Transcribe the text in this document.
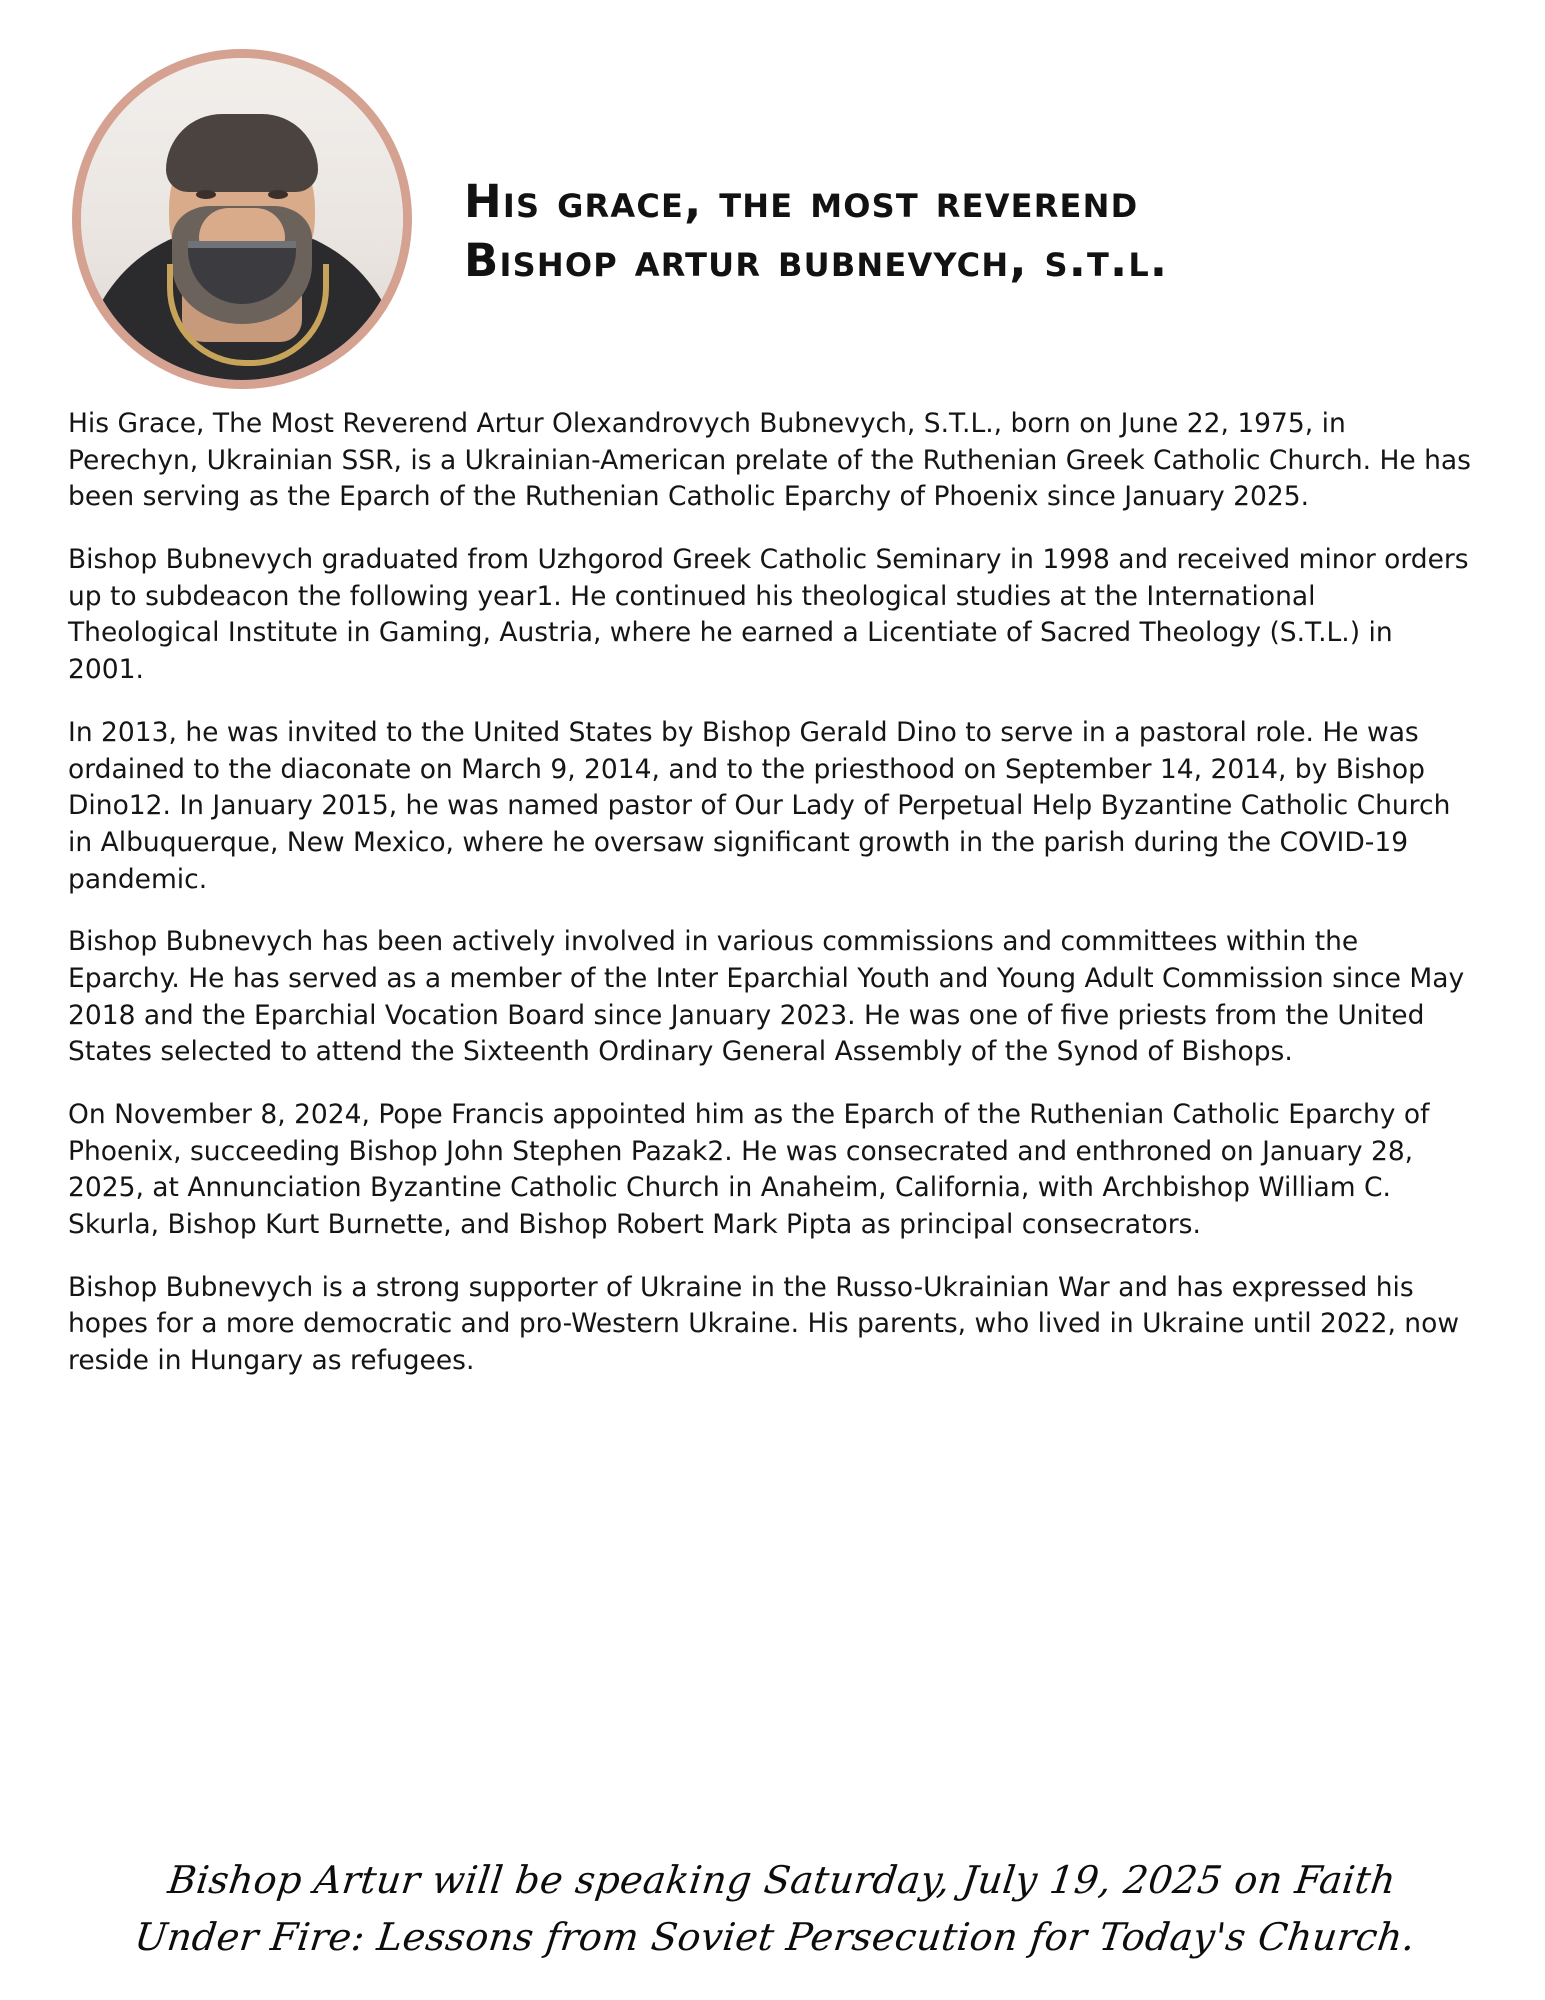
His grace, the most reverend
Bishop artur bubnevych, s.t.l.

His Grace, The Most Reverend Artur Olexandrovych Bubnevych, S.T.L., born on June 22, 1975, in Perechyn, Ukrainian SSR, is a Ukrainian-American prelate of the Ruthenian Greek Catholic Church. He has been serving as the Eparch of the Ruthenian Catholic Eparchy of Phoenix since January 2025.

Bishop Bubnevych graduated from Uzhgorod Greek Catholic Seminary in 1998 and received minor orders up to subdeacon the following year1. He continued his theological studies at the International Theological Institute in Gaming, Austria, where he earned a Licentiate of Sacred Theology (S.T.L.) in 2001.

In 2013, he was invited to the United States by Bishop Gerald Dino to serve in a pastoral role. He was ordained to the diaconate on March 9, 2014, and to the priesthood on September 14, 2014, by Bishop Dino12. In January 2015, he was named pastor of Our Lady of Perpetual Help Byzantine Catholic Church in Albuquerque, New Mexico, where he oversaw significant growth in the parish during the COVID-19 pandemic.

Bishop Bubnevych has been actively involved in various commissions and committees within the Eparchy. He has served as a member of the Inter Eparchial Youth and Young Adult Commission since May 2018 and the Eparchial Vocation Board since January 2023. He was one of five priests from the United States selected to attend the Sixteenth Ordinary General Assembly of the Synod of Bishops.

On November 8, 2024, Pope Francis appointed him as the Eparch of the Ruthenian Catholic Eparchy of Phoenix, succeeding Bishop John Stephen Pazak2. He was consecrated and enthroned on January 28, 2025, at Annunciation Byzantine Catholic Church in Anaheim, California, with Archbishop William C. Skurla, Bishop Kurt Burnette, and Bishop Robert Mark Pipta as principal consecrators.

Bishop Bubnevych is a strong supporter of Ukraine in the Russo-Ukrainian War and has expressed his hopes for a more democratic and pro-Western Ukraine. His parents, who lived in Ukraine until 2022, now reside in Hungary as refugees.

Bishop Artur will be speaking Saturday, July 19, 2025 on Faith
Under Fire: Lessons from Soviet Persecution for Today's Church.
